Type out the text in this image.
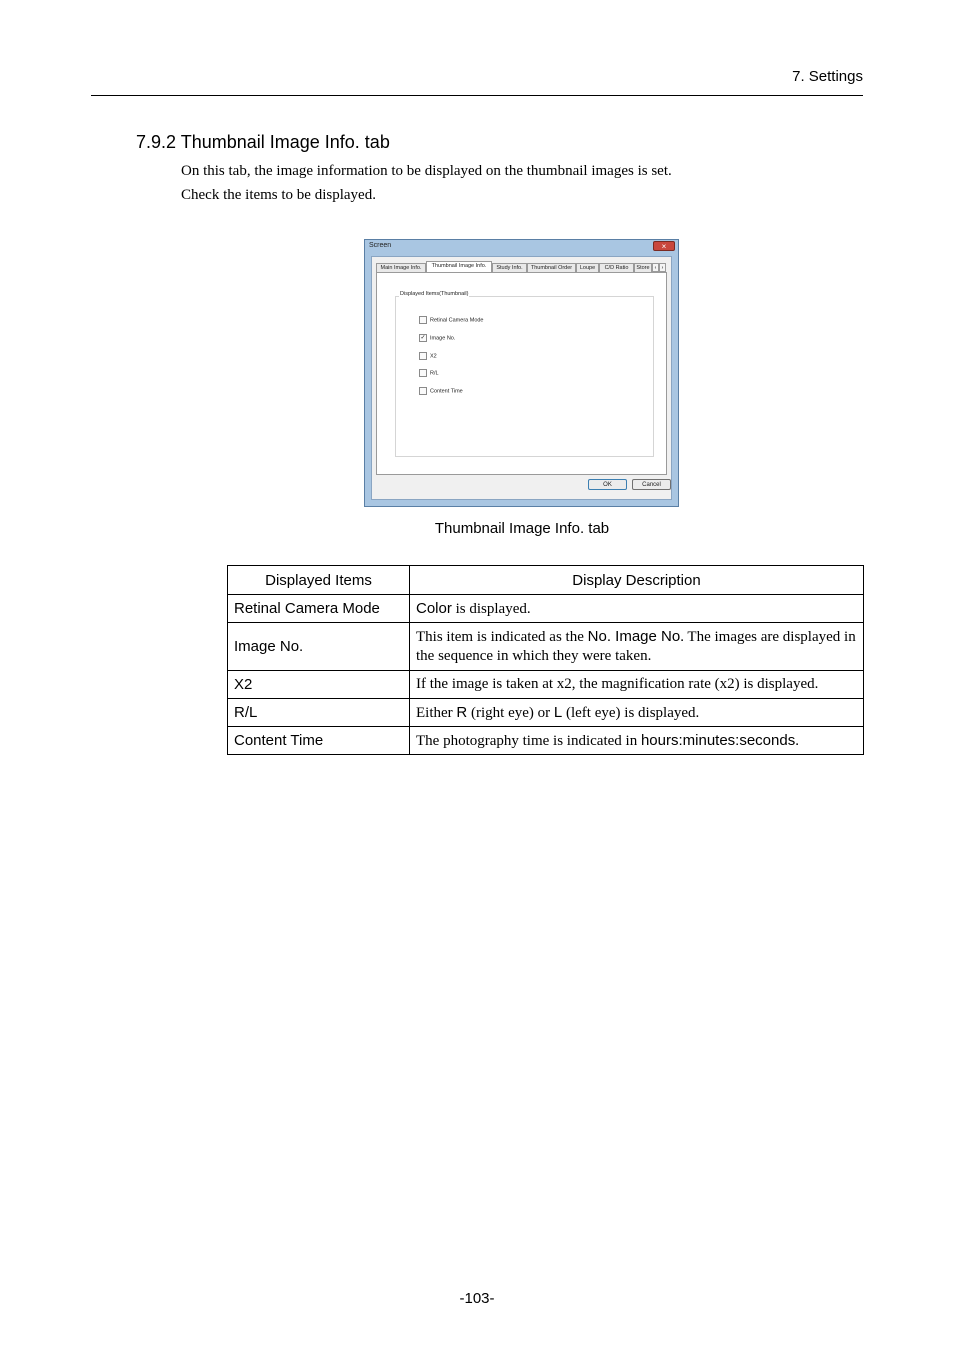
7. Settings
7.9.2 Thumbnail Image Info. tab
On this tab, the image information to be displayed on the thumbnail images is set.
Check the items to be displayed.
Screen	×
Main Image Info.	Thumbnail Image Info.	Study Info.	Thumbnail Order	Loupe	C/D Ratio	Store	‹	›
Displayed Items(Thumbnail)
Retinal Camera Mode
✓ Image No.
X2
R/L
Content Time
OK	Cancel
Thumbnail Image Info. tab
Displayed Items	Display Description
Retinal Camera Mode	Color is displayed.
Image No.	This item is indicated as the No. Image No. The images are displayed in the sequence in which they were taken.
X2	If the image is taken at x2, the magnification rate (x2) is displayed.
R/L	Either R (right eye) or L (left eye) is displayed.
Content Time	The photography time is indicated in hours:minutes:seconds.
-103-
